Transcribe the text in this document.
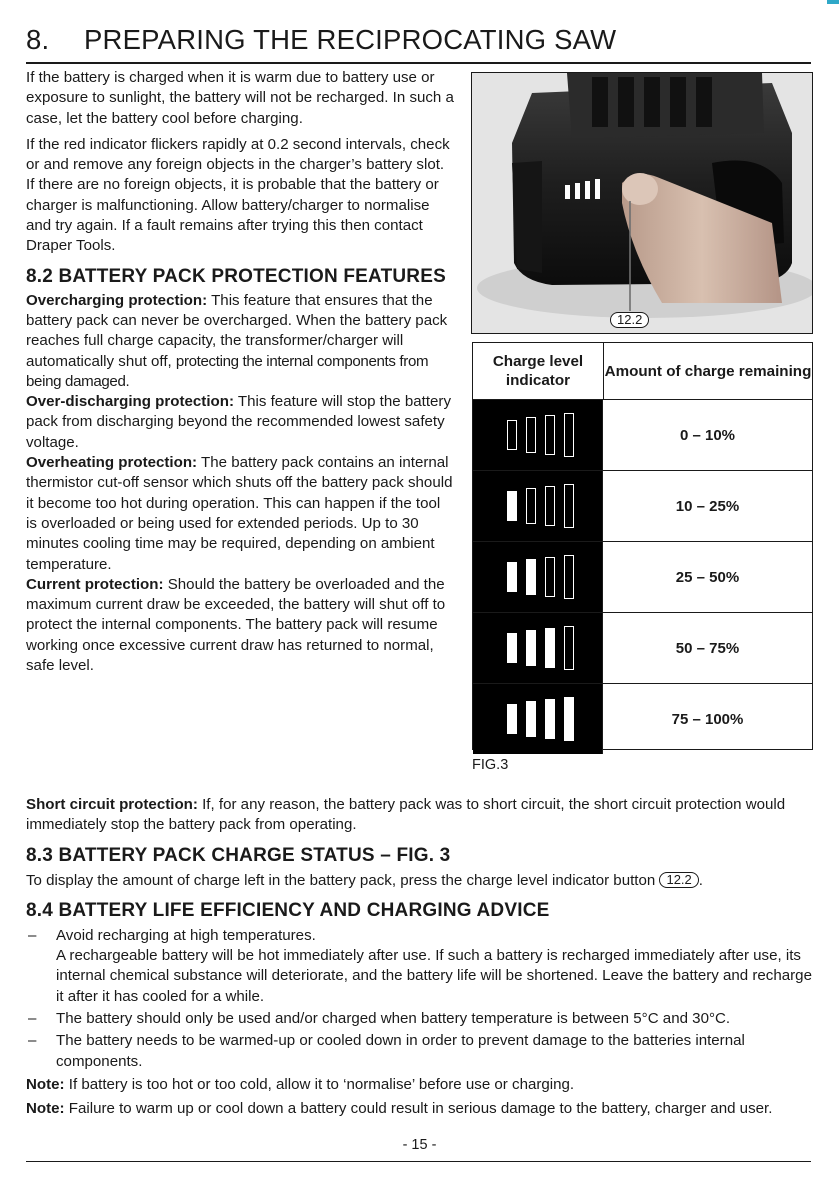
8. PREPARING THE RECIPROCATING SAW

If the battery is charged when it is warm due to battery use or exposure to sunlight, the battery will not be recharged. In such a case, let the battery cool before charging.

If the red indicator flickers rapidly at 0.2 second intervals, check or and remove any foreign objects in the charger’s battery slot. If there are no foreign objects, it is probable that the battery or charger is malfunctioning. Allow battery/charger to normalise and try again. If a fault remains after trying this then contact Draper Tools.

8.2 BATTERY PACK PROTECTION FEATURES

Overcharging protection: This feature that ensures that the battery pack can never be overcharged. When the battery pack reaches full charge capacity, the transformer/charger will automatically shut off, protecting the internal components from being damaged.

Over-discharging protection: This feature will stop the battery pack from discharging beyond the recommended lowest safety voltage.

Overheating protection: The battery pack contains an internal thermistor cut-off sensor which shuts off the battery pack should it become too hot during operation. This can happen if the tool is overloaded or being used for extended periods. Up to 30 minutes cooling time may be required, depending on ambient temperature.

Current protection: Should the battery be overloaded and the maximum current draw be exceeded, the battery will shut off to protect the internal components. The battery pack will resume working once excessive current draw has returned to normal, safe level.

12.2
Charge level indicator
Amount of charge remaining
0 – 10%
10 – 25%
25 – 50%
50 – 75%
75 – 100%
FIG.3

Short circuit protection: If, for any reason, the battery pack was to short circuit, the short circuit protection would immediately stop the battery pack from operating.

8.3 BATTERY PACK CHARGE STATUS – FIG. 3

To display the amount of charge left in the battery pack, press the charge level indicator button 12.2 .

8.4 BATTERY LIFE EFFICIENCY AND CHARGING ADVICE
– Avoid recharging at high temperatures.
A rechargeable battery will be hot immediately after use. If such a battery is recharged immediately after use, its internal chemical substance will deteriorate, and the battery life will be shortened. Leave the battery and recharge it after it has cooled for a while.
– The battery should only be used and/or charged when battery temperature is between 5°C and 30°C.
– The battery needs to be warmed-up or cooled down in order to prevent damage to the batteries internal components.

Note: If battery is too hot or too cold, allow it to ‘normalise’ before use or charging.

Note: Failure to warm up or cool down a battery could result in serious damage to the battery, charger and user.

- 15 -
